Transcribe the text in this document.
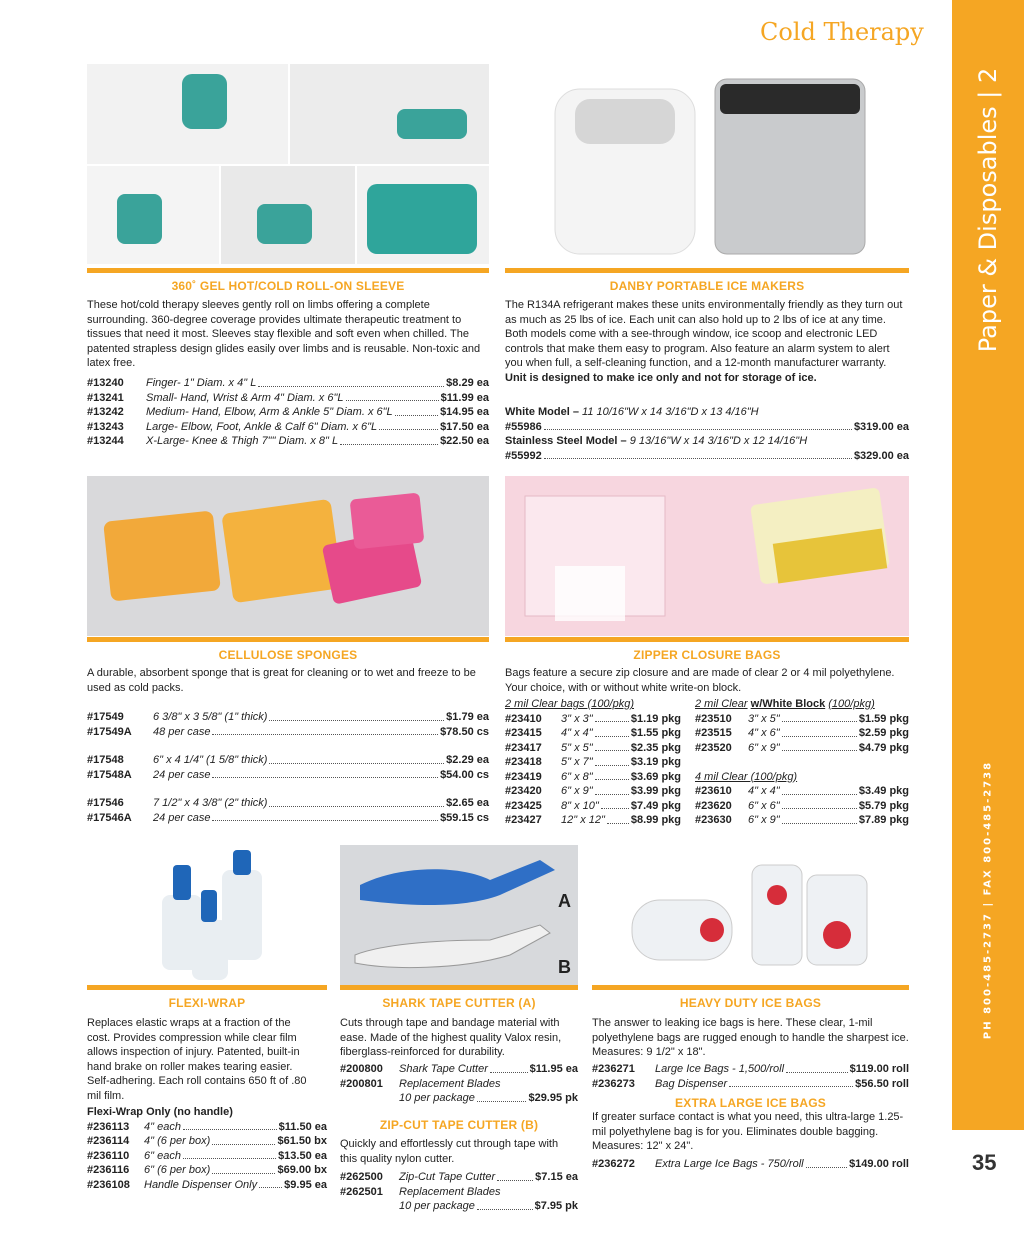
Cold Therapy
Paper & Disposables | 2
PH 800-485-2737 | FAX 800-485-2738
35
360˚ GEL HOT/COLD ROLL-ON SLEEVE
These hot/cold therapy sleeves gently roll on limbs offering a complete surrounding. 360-degree coverage provides ultimate therapeutic treatment to tissues that need it most. Sleeves stay flexible and soft even when chilled. The patented strapless design glides easily over limbs and is reusable. Non-toxic and latex free.
#13240	Finger- 1" Diam. x 4" L	$8.29 ea
#13241	Small- Hand, Wrist & Arm 4" Diam. x 6"L	$11.99 ea
#13242	Medium- Hand, Elbow, Arm & Ankle 5" Diam. x 6"L	$14.95 ea
#13243	Large- Elbow, Foot, Ankle & Calf 6" Diam. x 6"L	$17.50 ea
#13244	X-Large- Knee & Thigh 7"" Diam. x 8" L	$22.50 ea
DANBY PORTABLE ICE MAKERS
The R134A refrigerant makes these units environmentally friendly as they turn out as much as 25 lbs of ice. Each unit can also hold up to 2 lbs of ice at any time. Both models come with a see-through window, ice scoop and electronic LED controls that make them easy to program. Also feature an alarm system to alert you when full, a self-cleaning function, and a 12-month manufacturer warranty. Unit is designed to make ice only and not for storage of ice.
White Model – 11 10/16"W x 14 3/16"D x 13 4/16"H
#55986	$319.00 ea
Stainless Steel Model – 9 13/16"W x 14 3/16"D x 12 14/16"H
#55992	$329.00 ea
CELLULOSE SPONGES
A durable, absorbent sponge that is great for cleaning or to wet and freeze to be used as cold packs.
#17549	6 3/8" x 3 5/8" (1" thick)	$1.79 ea
#17549A	48 per case	$78.50 cs
#17548	6" x 4 1/4" (1 5/8" thick)	$2.29 ea
#17548A	24 per case	$54.00 cs
#17546	7 1/2" x 4 3/8" (2" thick)	$2.65 ea
#17546A	24 per case	$59.15 cs
ZIPPER CLOSURE BAGS
Bags feature a secure zip closure and are made of clear 2 or 4 mil polyethylene. Your choice, with or without white write-on block.
2 mil Clear bags (100/pkg)
#23410	3" x 3"	$1.19 pkg
#23415	4" x 4"	$1.55 pkg
#23417	5" x 5"	$2.35 pkg
#23418	5" x 7"	$3.19 pkg
#23419	6" x 8"	$3.69 pkg
#23420	6" x 9"	$3.99 pkg
#23425	8" x 10"	$7.49 pkg
#23427	12" x 12" $8.99 pkg
2 mil Clear w/White Block (100/pkg)
#23510	3" x 5"	$1.59 pkg
#23515	4" x 6"	$2.59 pkg
#23520	6" x 9"	$4.79 pkg
4 mil Clear (100/pkg)
#23610	4" x 4"	$3.49 pkg
#23620	6" x 6"	$5.79 pkg
#23630	6" x 9"	$7.89 pkg
FLEXI-WRAP
Replaces elastic wraps at a fraction of the cost. Provides compression while clear film allows inspection of injury. Patented, built-in hand brake on roller makes tearing easier. Self-adhering. Each roll contains 650 ft of .80 mil film.
Flexi-Wrap Only (no handle)
#236113	4" each	$11.50 ea
#236114	4" (6 per box)	$61.50 bx
#236110	6" each	$13.50 ea
#236116	6" (6 per box)	$69.00 bx
#236108	Handle Dispenser Only $9.95 ea
A
B
SHARK TAPE CUTTER (A)
Cuts through tape and bandage material with ease. Made of the highest quality Valox resin, fiberglass-reinforced for durability.
#200800	Shark Tape Cutter	$11.95 ea
#200801	Replacement Blades
10 per package	$29.95 pk
ZIP-CUT TAPE CUTTER (B)
Quickly and effortlessly cut through tape with this quality nylon cutter.
#262500	Zip-Cut Tape Cutter	$7.15 ea
#262501	Replacement Blades
10 per package	$7.95 pk
HEAVY DUTY ICE BAGS
The answer to leaking ice bags is here. These clear, 1-mil polyethylene bags are rugged enough to handle the sharpest ice. Measures: 9 1/2" x 18".
#236271	Large Ice Bags - 1,500/roll	$119.00 roll
#236273	Bag Dispenser	$56.50 roll
EXTRA LARGE ICE BAGS
If greater surface contact is what you need, this ultra-large 1.25-mil polyethylene bag is for you. Eliminates double bagging. Measures: 12" x 24".
#236272	Extra Large Ice Bags - 750/roll	$149.00 roll
